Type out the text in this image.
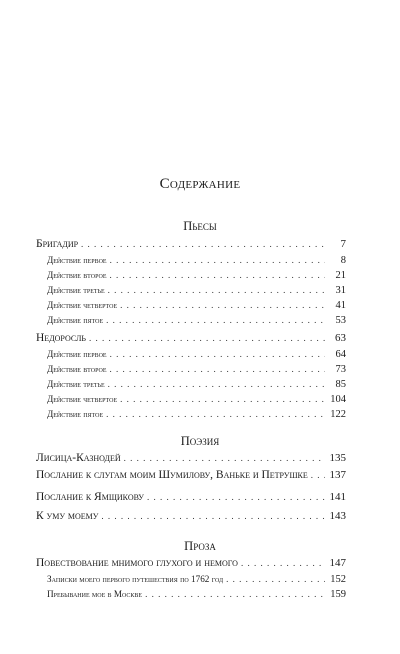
Содержание
Пьесы
Бригадир . . .	7
Действие первое . . .	8
Действие второе . . .	21
Действие третье . . .	31
Действие четвертое . . .	41
Действие пятое . . .	53
Недоросль . . .	63
Действие первое . . .	64
Действие второе . . .	73
Действие третье . . .	85
Действие четвертое . . .	104
Действие пятое . . .	122
Поэзия
Лисица-Казнодей . . .	135
Послание к слугам моим Шумилову, Ваньке и Петрушке . . .	137
Послание к Ямщикову . . .	141
К уму моему . . .	143
Проза
Повествование мнимого глухого и немого . . .	147
Записки моего первого путешествия по 1762 год . . .	152
Пребывание мое в Москве . . .	159
